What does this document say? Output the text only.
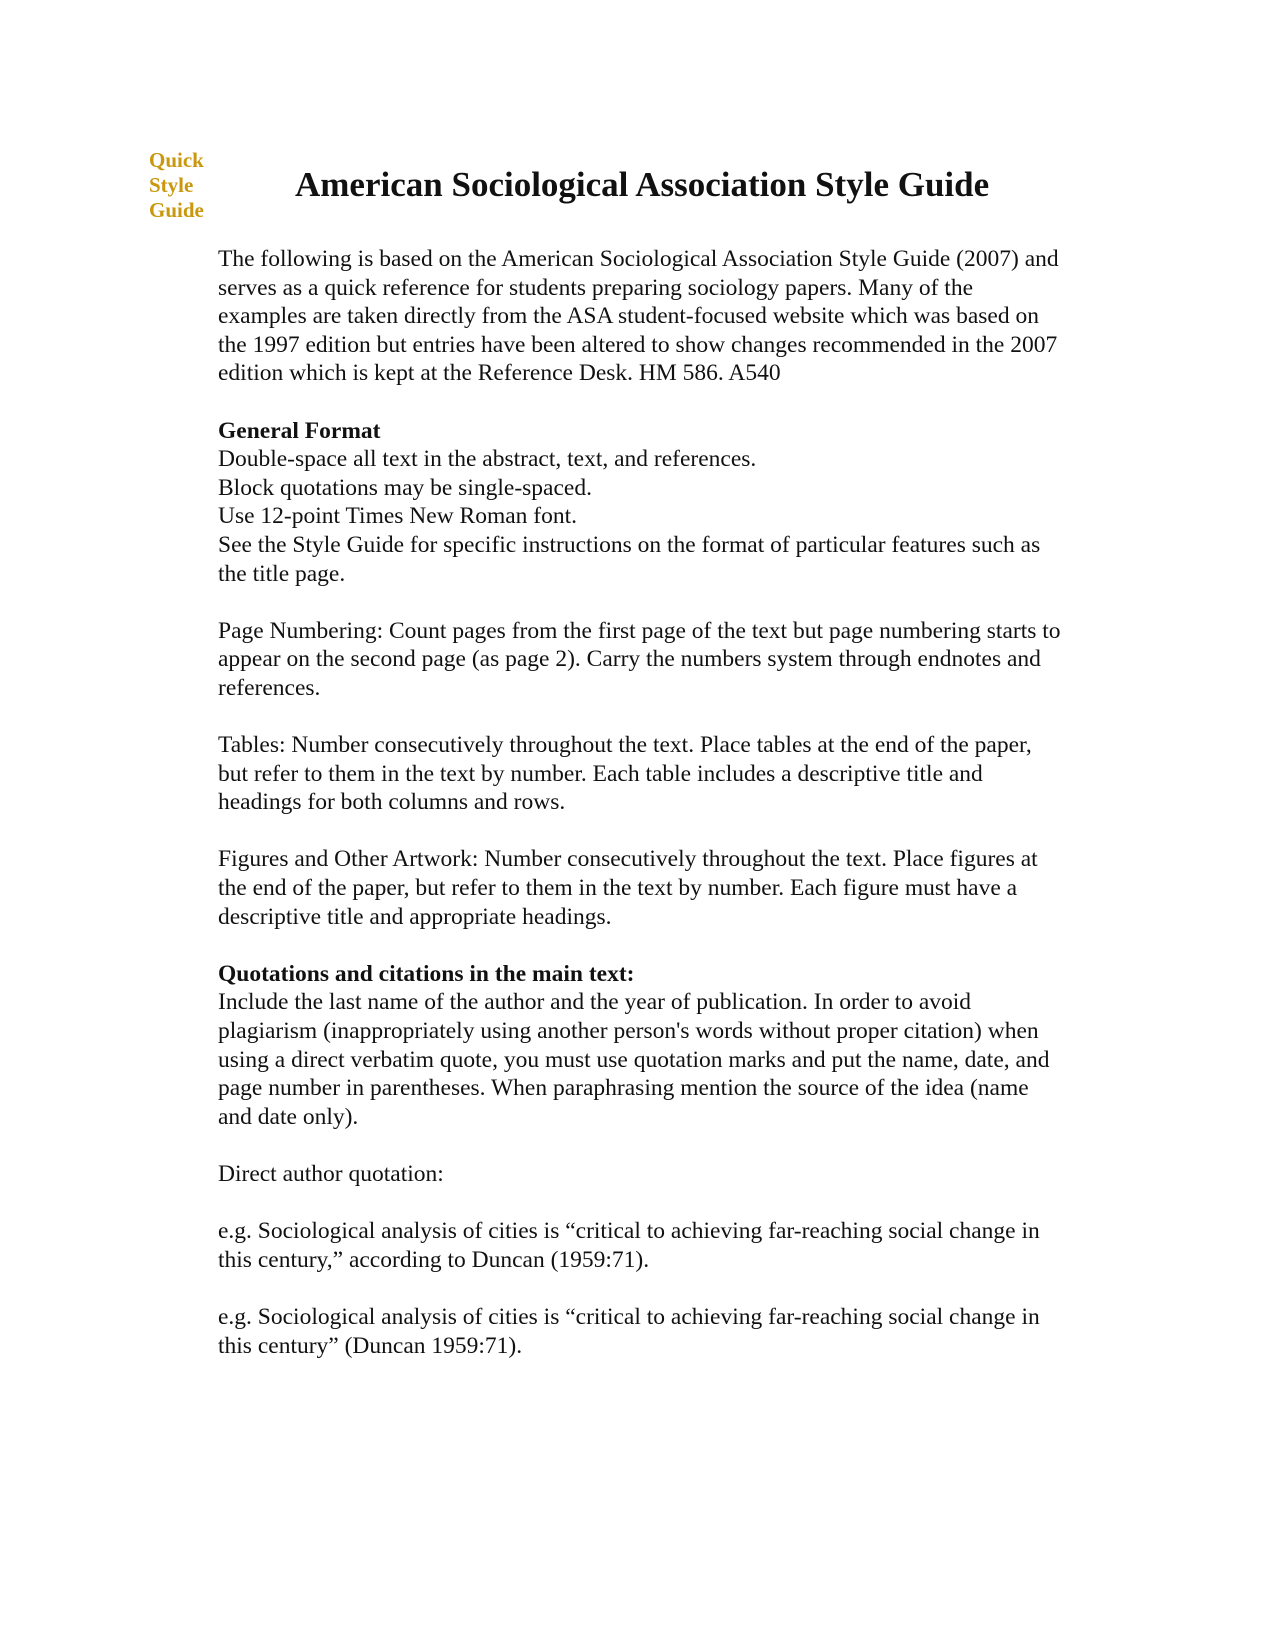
Quick
Style
Guide
American Sociological Association Style Guide

The following is based on the American Sociological Association Style Guide (2007) and
serves as a quick reference for students preparing sociology papers. Many of the
examples are taken directly from the ASA student-focused website which was based on
the 1997 edition but entries have been altered to show changes recommended in the 2007
edition which is kept at the Reference Desk. HM 586. A540

General Format
Double-space all text in the abstract, text, and references.
Block quotations may be single-spaced.
Use 12-point Times New Roman font.
See the Style Guide for specific instructions on the format of particular features such as
the title page.

Page Numbering: Count pages from the first page of the text but page numbering starts to
appear on the second page (as page 2). Carry the numbers system through endnotes and
references.

Tables: Number consecutively throughout the text. Place tables at the end of the paper,
but refer to them in the text by number. Each table includes a descriptive title and
headings for both columns and rows.

Figures and Other Artwork: Number consecutively throughout the text. Place figures at
the end of the paper, but refer to them in the text by number. Each figure must have a
descriptive title and appropriate headings.

Quotations and citations in the main text:
Include the last name of the author and the year of publication. In order to avoid
plagiarism (inappropriately using another person's words without proper citation) when
using a direct verbatim quote, you must use quotation marks and put the name, date, and
page number in parentheses. When paraphrasing mention the source of the idea (name
and date only).

Direct author quotation:

e.g. Sociological analysis of cities is “critical to achieving far-reaching social change in
this century,” according to Duncan (1959:71).

e.g. Sociological analysis of cities is “critical to achieving far-reaching social change in
this century” (Duncan 1959:71).
